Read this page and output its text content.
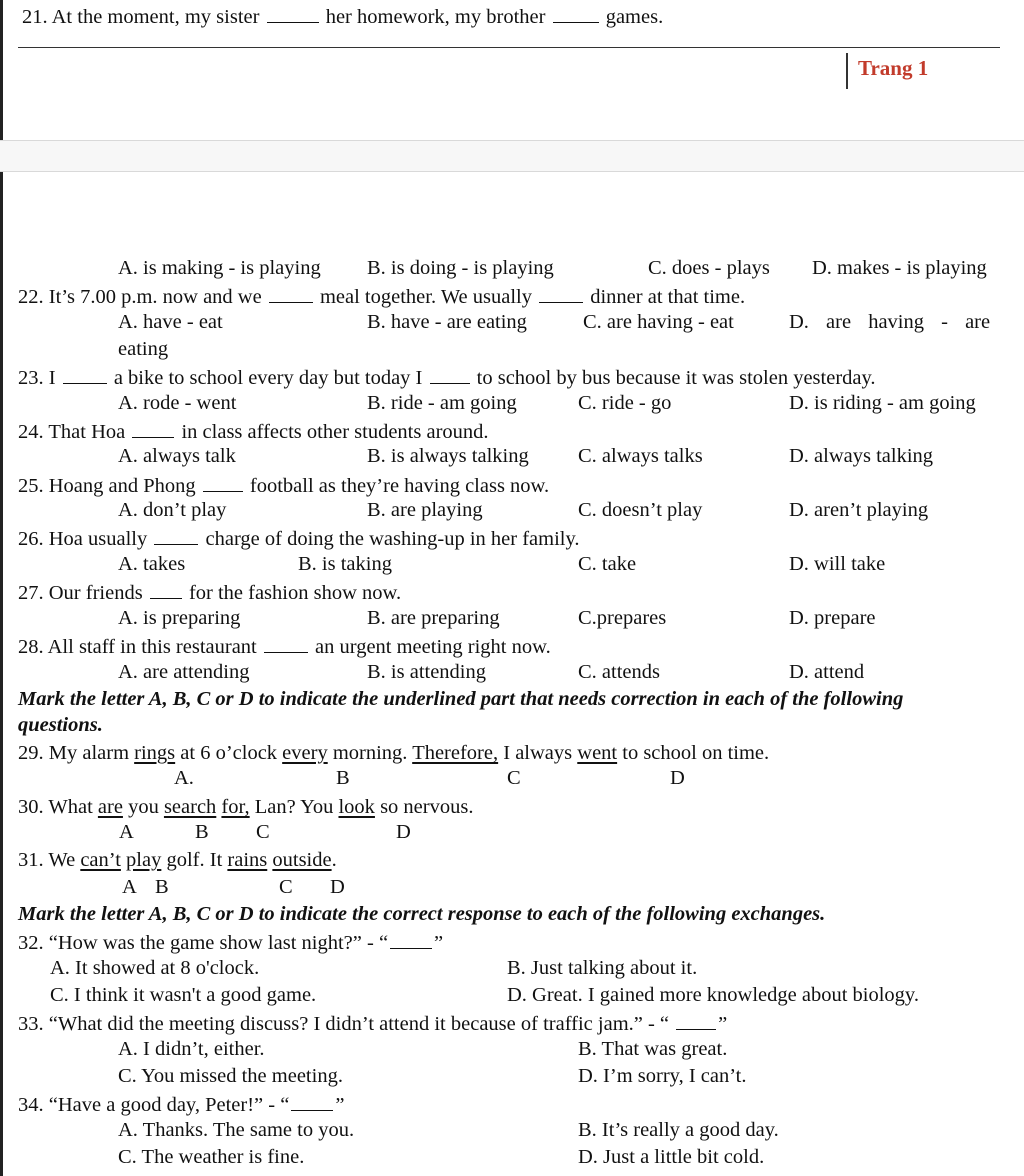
21. At the moment, my sister	her homework, my brother	games.
Trang 1
A. is making - is playing B. is doing - is playing	C. does - plays D. makes - is playing
22. It’s 7.00 p.m. now and we	meal together. We usually	dinner at that time.
A. have - eat	B. have - are eating	C. are having - eat	D. are having - are
eating
23. I	a bike to school every day but today I	to school by bus because it was stolen yesterday.
A. rode - went	B. ride - am going	C. ride - go	D. is riding - am going
24. That Hoa	in class affects other students around.
A. always talk	B. is always talking C. always talks	D. always talking
25. Hoang and Phong	football as they’re having class now.
A. don’t play	B. are playing	C. doesn’t play	D. aren’t playing
26. Hoa usually	charge of doing the washing-up in her family.
A. takes	B. is taking	C. take	D. will take
27. Our friends for the fashion show now.
A. is preparing	B. are preparing	C.prepares	D. prepare
28. All staff in this restaurant	an urgent meeting right now.
A. are attending	B. is attending	C. attends	D. attend
Mark the letter A, B, C or D to indicate the underlined part that needs correction in each of the following
questions.
29. My alarm rings at 6 o’clock every morning. Therefore, I always went to school on time.
A.	B	C	D
30. What are you search for, Lan? You look so nervous.
A	B C	D
31. We can’t play golf. It rains outside.
A B	C D
Mark the letter A, B, C or D to indicate the correct response to each of the following exchanges.
32. “How was the game show last night?” - “ ”
A. It showed at 8 o'clock.	B. Just talking about it.
C. I think it wasn't a good game.	D. Great. I gained more knowledge about biology.
33. “What did the meeting discuss? I didn’t attend it because of traffic jam.” - “ ”
A. I didn’t, either.	B. That was great.
C. You missed the meeting.	D. I’m sorry, I can’t.
34. “Have a good day, Peter!” - “ ”
A. Thanks. The same to you.	B. It’s really a good day.
C. The weather is fine.	D. Just a little bit cold.
